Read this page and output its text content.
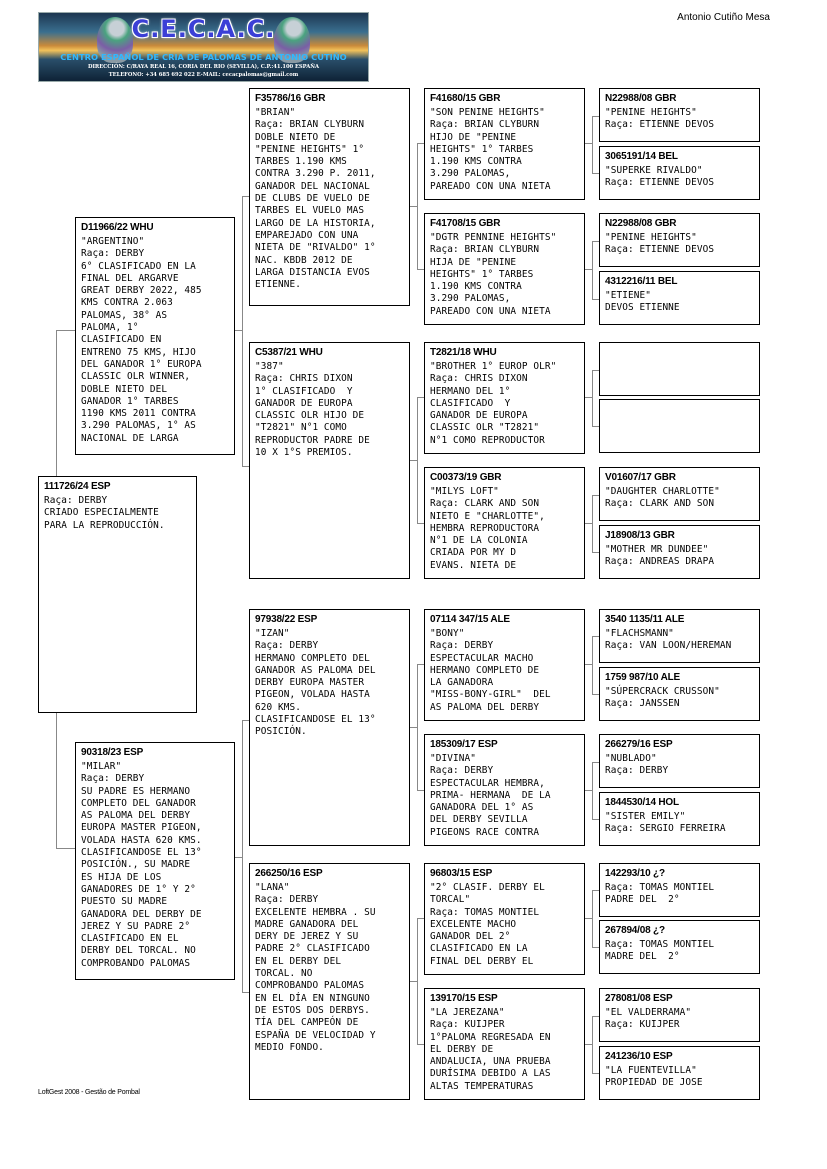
C.E.C.A.C.
CENTRO ESPAÑOL DE CRIA DE PALOMAS DE ANTONIO CUTIÑO
DIRECCIÓN: C/RAYA REAL 16, CORIA DEL RIO (SEVILLA), C.P.:41.100 ESPAÑA
TELEFONO: +34 685 692 022 E-MAIL: cecacpalomas@gmail.com
Antonio Cutiño Mesa
111726/24 ESP
Raça: DERBY
CRIADO ESPECIALMENTE
PARA LA REPRODUCCIÓN.
D11966/22 WHU
"ARGENTINO"
Raça: DERBY
6° CLASIFICADO EN LA
FINAL DEL ARGARVE
GREAT DERBY 2022, 485
KMS CONTRA 2.063
PALOMAS, 38° AS
PALOMA, 1°
CLASIFICADO EN
ENTRENO 75 KMS, HIJO
DEL GANADOR 1° EUROPA
CLASSIC OLR WINNER,
DOBLE NIETO DEL
GANADOR 1° TARBES
1190 KMS 2011 CONTRA
3.290 PALOMAS, 1° AS
NACIONAL DE LARGA
90318/23 ESP
"MILAR"
Raça: DERBY
SU PADRE ES HERMANO
COMPLETO DEL GANADOR
AS PALOMA DEL DERBY
EUROPA MASTER PIGEON,
VOLADA HASTA 620 KMS.
CLASIFICANDOSE EL 13°
POSICIÓN., SU MADRE
ES HIJA DE LOS
GANADORES DE 1° Y 2°
PUESTO SU MADRE
GANADORA DEL DERBY DE
JEREZ Y SU PADRE 2°
CLASIFICADO EN EL
DERBY DEL TORCAL. NO
COMPROBANDO PALOMAS
F35786/16 GBR
"BRIAN"
Raça: BRIAN CLYBURN
DOBLE NIETO DE
"PENINE HEIGHTS" 1°
TARBES 1.190 KMS
CONTRA 3.290 P. 2011,
GANADOR DEL NACIONAL
DE CLUBS DE VUELO DE
TARBES EL VUELO MAS
LARGO DE LA HISTORIA,
EMPAREJADO CON UNA
NIETA DE "RIVALDO" 1°
NAC. KBDB 2012 DE
LARGA DISTANCIA EVOS
ETIENNE.
C5387/21 WHU
"387"
Raça: CHRIS DIXON
1° CLASIFICADO  Y
GANADOR DE EUROPA
CLASSIC OLR HIJO DE
"T2821" N°1 COMO
REPRODUCTOR PADRE DE
10 X 1°S PREMIOS.
97938/22 ESP
"IZAN"
Raça: DERBY
HERMANO COMPLETO DEL
GANADOR AS PALOMA DEL
DERBY EUROPA MASTER
PIGEON, VOLADA HASTA
620 KMS.
CLASIFICANDOSE EL 13°
POSICIÓN.
266250/16 ESP
"LANA"
Raça: DERBY
EXCELENTE HEMBRA . SU
MADRE GANADORA DEL
DERY DE JEREZ Y SU
PADRE 2° CLASIFICADO
EN EL DERBY DEL
TORCAL. NO
COMPROBANDO PALOMAS
EN EL DÍA EN NINGUNO
DE ESTOS DOS DERBYS.
TÍA DEL CAMPEÓN DE
ESPAÑA DE VELOCIDAD Y
MEDIO FONDO.
F41680/15 GBR
"SON PENINE HEIGHTS"
Raça: BRIAN CLYBURN
HIJO DE "PENINE
HEIGHTS" 1° TARBES
1.190 KMS CONTRA
3.290 PALOMAS,
PAREADO CON UNA NIETA
F41708/15 GBR
"DGTR PENNINE HEIGHTS"
Raça: BRIAN CLYBURN
HIJA DE "PENINE
HEIGHTS" 1° TARBES
1.190 KMS CONTRA
3.290 PALOMAS,
PAREADO CON UNA NIETA
T2821/18 WHU
"BROTHER 1° EUROP OLR"
Raça: CHRIS DIXON
HERMANO DEL 1°
CLASIFICADO  Y
GANADOR DE EUROPA
CLASSIC OLR "T2821"
N°1 COMO REPRODUCTOR
C00373/19 GBR
"MILYS LOFT"
Raça: CLARK AND SON
NIETO E "CHARLOTTE",
HEMBRA REPRODUCTORA
N°1 DE LA COLONIA
CRIADA POR MY D
EVANS. NIETA DE
07114 347/15 ALE
"BONY"
Raça: DERBY
ESPECTACULAR MACHO
HERMANO COMPLETO DE
LA GANADORA
"MISS-BONY-GIRL"  DEL
AS PALOMA DEL DERBY
185309/17 ESP
"DIVINA"
Raça: DERBY
ESPECTACULAR HEMBRA,
PRIMA- HERMANA  DE LA
GANADORA DEL 1° AS
DEL DERBY SEVILLA
PIGEONS RACE CONTRA
96803/15 ESP
"2° CLASIF. DERBY EL
TORCAL"
Raça: TOMAS MONTIEL
EXCELENTE MACHO
GANADOR DEL 2°
CLASIFICADO EN LA
FINAL DEL DERBY EL
139170/15 ESP
"LA JEREZANA"
Raça: KUIJPER
1°PALOMA REGRESADA EN
EL DERBY DE
ANDALUCIA, UNA PRUEBA
DURÍSIMA DEBIDO A LAS
ALTAS TEMPERATURAS
N22988/08 GBR
"PENINE HEIGHTS"
Raça: ETIENNE DEVOS
3065191/14 BEL
"SUPERKE RIVALDO"
Raça: ETIENNE DEVOS
N22988/08 GBR
"PENINE HEIGHTS"
Raça: ETIENNE DEVOS
4312216/11 BEL
"ETIENE"
DEVOS ETIENNE
V01607/17 GBR
"DAUGHTER CHARLOTTE"
Raça: CLARK AND SON
J18908/13 GBR
"MOTHER MR DUNDEE"
Raça: ANDREAS DRAPA
3540 1135/11 ALE
"FLACHSMANN"
Raça: VAN LOON/HEREMAN
1759 987/10 ALE
"SÚPERCRACK CRUSSON"
Raça: JANSSEN
266279/16 ESP
"NUBLADO"
Raça: DERBY
1844530/14 HOL
"SISTER EMILY"
Raça: SERGIO FERREIRA
142293/10 ¿?
Raça: TOMAS MONTIEL
PADRE DEL  2°
267894/08 ¿?
Raça: TOMAS MONTIEL
MADRE DEL  2°
278081/08 ESP
"EL VALDERRAMA"
Raça: KUIJPER
241236/10 ESP
"LA FUENTEVILLA"
PROPIEDAD DE JOSE
LoftGest 2008 - Gestão de Pombal
